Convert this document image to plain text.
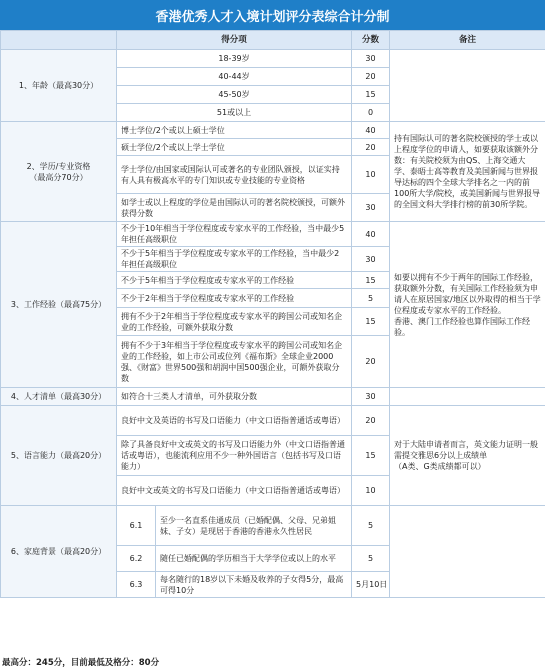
香港优秀人才入境计划评分表综合计分制
	得分项		分数	备注
1、年龄（最高30分）	18-39岁		30	
	40-44岁		20	
	45-50岁		15	
	51或以上		0	
2、学历/专业资格
（最高分70分）	博士学位/2个或以上硕士学位		40	持有国际认可的著名院校颁授的学士或以上程度学位的申请人，如要获取该额外分数：有关院校须为由QS、上海交通大学、泰晤士高等教育及美国新闻与世界报导达标的四个全球大学排名之一内的前100所大学/院校，或美国新闻与世界报导的全国文科大学排行榜的前30所学院。
	硕士学位/2个或以上学士学位		20	
	学士学位/由国家或国际认可或著名的专业团队颁授，以证实持有人具有极高水平的专门知识或专业技能的专业资格		10	
	如学士或以上程度的学位是由国际认可的著名院校颁授，可额外获得分数		30	
3、工作经验（最高75分）	不少于10年相当于学位程度或专家水平的工作经验，当中最少5年担任高级职位		40	如要以拥有不少于两年的国际工作经验，获取额外分数，有关国际工作经验须为申请人在原居国家/地区以外取得的相当于学位程度或专家水平的工作经验。
香港、澳门工作经验也算作国际工作经验。
	不少于5年相当于学位程度或专家水平的工作经验，当中最少2年担任高级职位		30	
	不少于5年相当于学位程度或专家水平的工作经验		15	
	不少于2年相当于学位程度或专家水平的工作经验		5	
	拥有不少于2年相当于学位程度或专家水平的跨国公司或知名企业的工作经验，可额外获取分数		15	
	拥有不少于3年相当于学位程度或专家水平的跨国公司或知名企业的工作经验，如上市公司或位列《福布斯》全球企业2000强、《财富》世界500强和胡润中国500强企业，可额外获取分数		20	
4、人才清单（最高30分）	如符合十三类人才清单，可外获取分数		30	
5、语言能力（最高20分）	良好中文及英语的书写及口语能力（中文口语指普通话或粤语）		20	对于大陆申请者而言，英文能力证明一般需提交雅思6分以上成绩单
（A类、G类成绩都可以）
	除了具备良好中文或英文的书写及口语能力外（中文口语指普通话或粤语），也能流利应用不少一种外国语言（包括书写及口语能力）		15	
	良好中文或英文的书写及口语能力（中文口语指普通话或粤语）		10	
6、家庭背景（最高20分）	6.1	至少一名直系佳通成员（已婚配偶、父母、兄弟姐妹、子女）是现居于香港的香港永久性居民	5	
	6.2	随任已婚配偶的学历相当于大学学位或以上的水平	5	
	6.3	每名随行的18岁以下未婚及收养的子女得5分，最高可得10分	5月10日	
最高分：245分，目前最低及格分：80分
